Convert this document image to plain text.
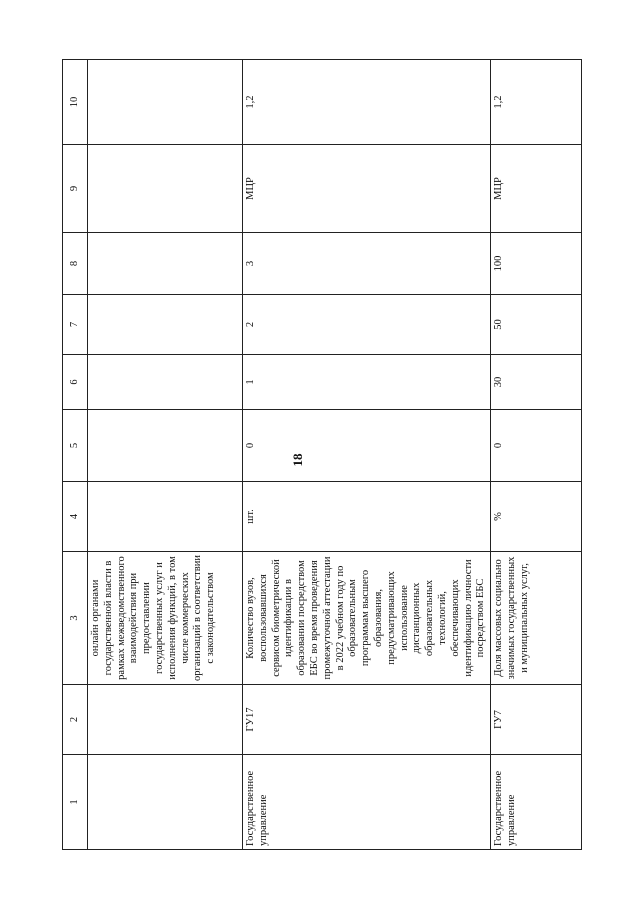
18
1	2	3	4	5	6	7	8	9	10
		онлайн органами государственной власти в рамках межведомственного взаимодействия при предоставлении государственных услуг и исполнения функций, в том числе коммерческих организаций в соответствии с законодательством							
Государственное управление	ГУ17	Количество вузов, воспользовавшихся сервисом биометрической идентификации в образовании посредством ЕБС во время проведения промежуточной аттестации в 2022 учебном году по образовательным программам высшего образования, предусматривающих использование дистанционных образовательных технологий, обеспечивающих идентификацию личности посредством ЕБС	шт.	0	1	2	3	МЦР	1,2
Государственное управление	ГУ7	Доля массовых социально значимых государственных и муниципальных услуг,	%	0	30	50	100	МЦР	1,2
